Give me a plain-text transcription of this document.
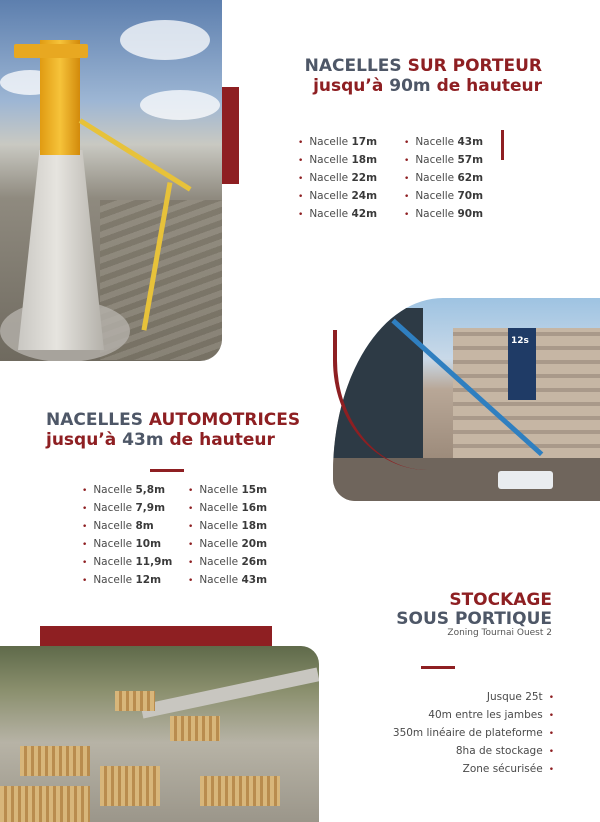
NACELLES SUR PORTEUR
jusqu’à 90m de hauteur
• Nacelle 17m
• Nacelle 18m
• Nacelle 22m
• Nacelle 24m
• Nacelle 42m
• Nacelle 43m
• Nacelle 57m
• Nacelle 62m
• Nacelle 70m
• Nacelle 90m
12s
NACELLES AUTOMOTRICES
jusqu’à 43m de hauteur
• Nacelle 5,8m
• Nacelle 7,9m
• Nacelle 8m
• Nacelle 10m
• Nacelle 11,9m
• Nacelle 12m
• Nacelle 15m
• Nacelle 16m
• Nacelle 18m
• Nacelle 20m
• Nacelle 26m
• Nacelle 43m
STOCKAGE
SOUS PORTIQUE
Zoning Tournai Ouest 2
Jusque 25t •
40m entre les jambes •
350m linéaire de plateforme •
8ha de stockage •
Zone sécurisée •
